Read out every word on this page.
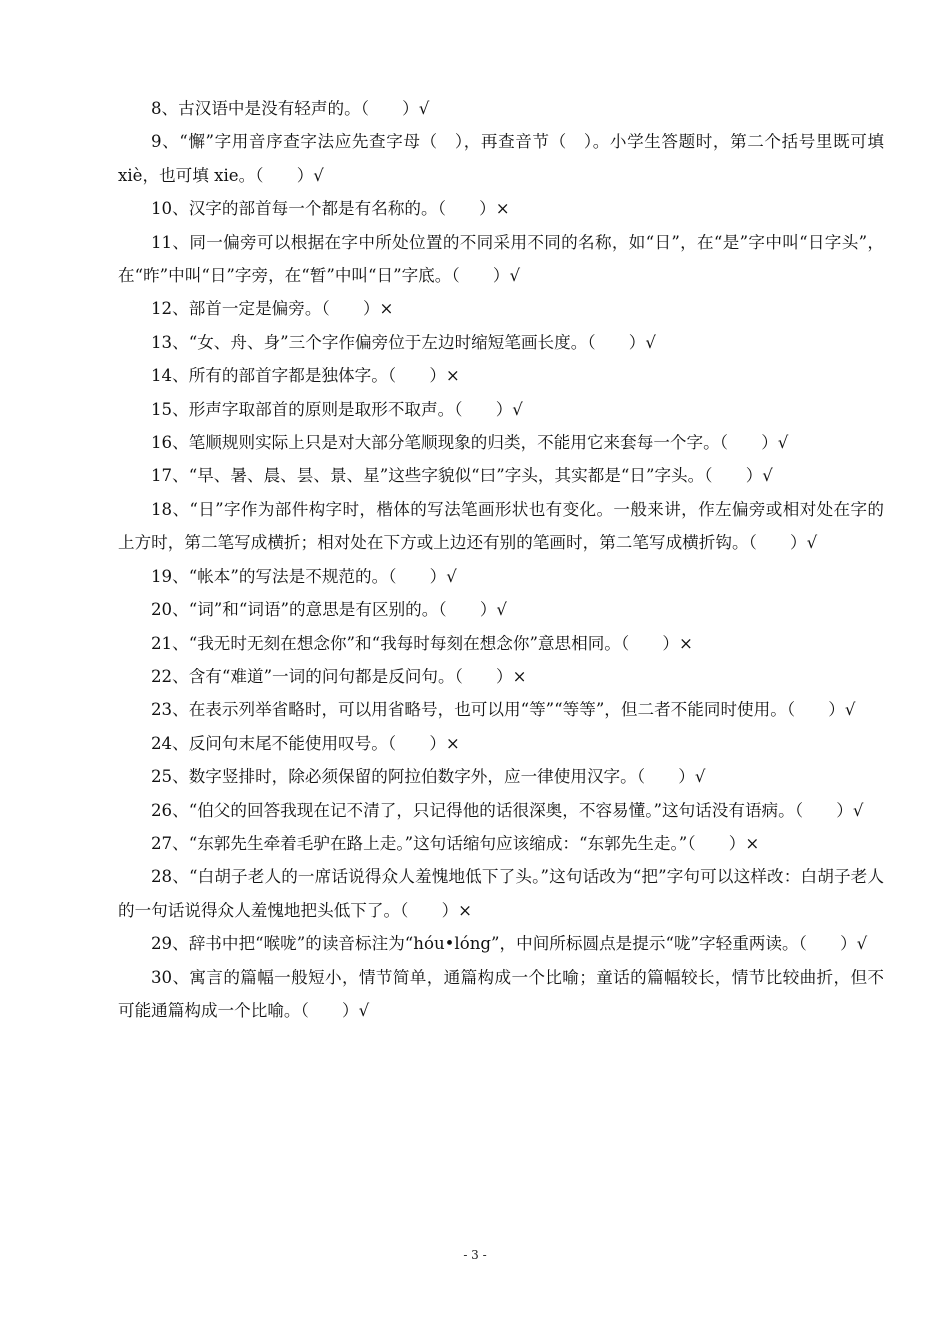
8、古汉语中是没有轻声的。（　　）√

9、“懈”字用音序查字法应先查字母（　），再查音节（　）。小学生答题时，第二个括号里既可填 xiè，也可填 xie。（　　）√

10、汉字的部首每一个都是有名称的。（　　）×

11、同一偏旁可以根据在字中所处位置的不同采用不同的名称，如“日”，在“是”字中叫“日字头”，在“昨”中叫“日”字旁，在“暂”中叫“日”字底。（　　）√

12、部首一定是偏旁。（　　）×

13、“女、舟、身”三个字作偏旁位于左边时缩短笔画长度。（　　）√

14、所有的部首字都是独体字。（　　）×

15、形声字取部首的原则是取形不取声。（　　）√

16、笔顺规则实际上只是对大部分笔顺现象的归类，不能用它来套每一个字。（　　）√

17、“早、暑、晨、昙、景、星”这些字貌似“曰”字头，其实都是“日”字头。（　　）√

18、“日”字作为部件构字时，楷体的写法笔画形状也有变化。一般来讲，作左偏旁或相对处在字的上方时，第二笔写成横折；相对处在下方或上边还有别的笔画时，第二笔写成横折钩。（　　）√

19、“帐本”的写法是不规范的。（　　）√

20、“词”和“词语”的意思是有区别的。（　　）√

21、“我无时无刻在想念你”和“我每时每刻在想念你”意思相同。（　　）×

22、含有“难道”一词的问句都是反问句。（　　）×

23、在表示列举省略时，可以用省略号，也可以用“等”“等等”，但二者不能同时使用。（　　）√

24、反问句末尾不能使用叹号。（　　）×

25、数字竖排时，除必须保留的阿拉伯数字外，应一律使用汉字。（　　）√

26、“伯父的回答我现在记不清了，只记得他的话很深奥，不容易懂。”这句话没有语病。（　　）√

27、“东郭先生牵着毛驴在路上走。”这句话缩句应该缩成：“东郭先生走。”（　　）×

28、“白胡子老人的一席话说得众人羞愧地低下了头。”这句话改为“把”字句可以这样改：白胡子老人的一句话说得众人羞愧地把头低下了。（　　）×

29、辞书中把“喉咙”的读音标注为“hóu•lóng”，中间所标圆点是提示“咙”字轻重两读。（　　）√

30、寓言的篇幅一般短小，情节简单，通篇构成一个比喻；童话的篇幅较长，情节比较曲折，但不可能通篇构成一个比喻。（　　）√

- 3 -
